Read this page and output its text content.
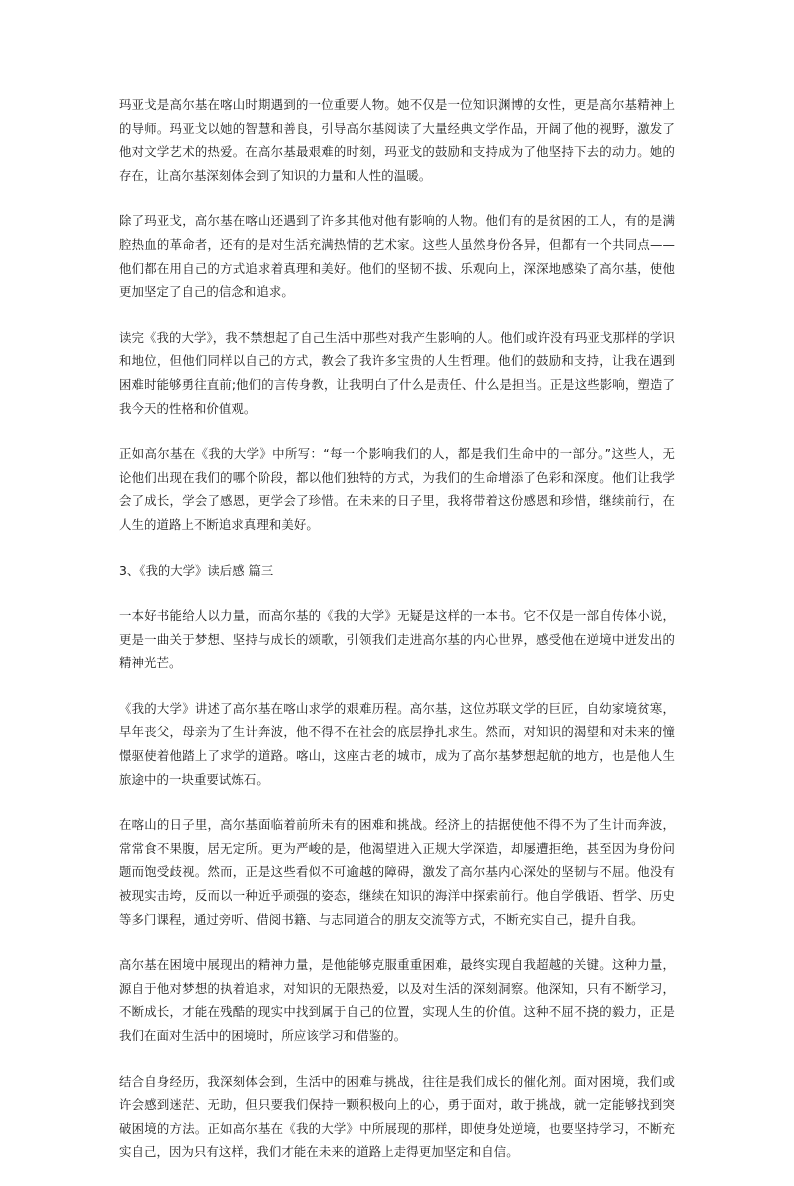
玛亚戈是高尔基在喀山时期遇到的一位重要人物。她不仅是一位知识渊博的女性，更是高尔基精神上的导师。玛亚戈以她的智慧和善良，引导高尔基阅读了大量经典文学作品，开阔了他的视野，激发了他对文学艺术的热爱。在高尔基最艰难的时刻，玛亚戈的鼓励和支持成为了他坚持下去的动力。她的存在，让高尔基深刻体会到了知识的力量和人性的温暖。

除了玛亚戈，高尔基在喀山还遇到了许多其他对他有影响的人物。他们有的是贫困的工人，有的是满腔热血的革命者，还有的是对生活充满热情的艺术家。这些人虽然身份各异，但都有一个共同点——他们都在用自己的方式追求着真理和美好。他们的坚韧不拔、乐观向上，深深地感染了高尔基，使他更加坚定了自己的信念和追求。

读完《我的大学》，我不禁想起了自己生活中那些对我产生影响的人。他们或许没有玛亚戈那样的学识和地位，但他们同样以自己的方式，教会了我许多宝贵的人生哲理。他们的鼓励和支持，让我在遇到困难时能够勇往直前;他们的言传身教，让我明白了什么是责任、什么是担当。正是这些影响，塑造了我今天的性格和价值观。

正如高尔基在《我的大学》中所写：“每一个影响我们的人，都是我们生命中的一部分。”这些人，无论他们出现在我们的哪个阶段，都以他们独特的方式，为我们的生命增添了色彩和深度。他们让我学会了成长，学会了感恩，更学会了珍惜。在未来的日子里，我将带着这份感恩和珍惜，继续前行，在人生的道路上不断追求真理和美好。

3、《我的大学》读后感 篇三

一本好书能给人以力量，而高尔基的《我的大学》无疑是这样的一本书。它不仅是一部自传体小说，更是一曲关于梦想、坚持与成长的颂歌，引领我们走进高尔基的内心世界，感受他在逆境中迸发出的精神光芒。

《我的大学》讲述了高尔基在喀山求学的艰难历程。高尔基，这位苏联文学的巨匠，自幼家境贫寒，早年丧父，母亲为了生计奔波，他不得不在社会的底层挣扎求生。然而，对知识的渴望和对未来的憧憬驱使着他踏上了求学的道路。喀山，这座古老的城市，成为了高尔基梦想起航的地方，也是他人生旅途中的一块重要试炼石。

在喀山的日子里，高尔基面临着前所未有的困难和挑战。经济上的拮据使他不得不为了生计而奔波，常常食不果腹，居无定所。更为严峻的是，他渴望进入正规大学深造，却屡遭拒绝，甚至因为身份问题而饱受歧视。然而，正是这些看似不可逾越的障碍，激发了高尔基内心深处的坚韧与不屈。他没有被现实击垮，反而以一种近乎顽强的姿态，继续在知识的海洋中探索前行。他自学俄语、哲学、历史等多门课程，通过旁听、借阅书籍、与志同道合的朋友交流等方式，不断充实自己，提升自我。

高尔基在困境中展现出的精神力量，是他能够克服重重困难，最终实现自我超越的关键。这种力量，源自于他对梦想的执着追求，对知识的无限热爱，以及对生活的深刻洞察。他深知，只有不断学习，不断成长，才能在残酷的现实中找到属于自己的位置，实现人生的价值。这种不屈不挠的毅力，正是我们在面对生活中的困境时，所应该学习和借鉴的。

结合自身经历，我深刻体会到，生活中的困难与挑战，往往是我们成长的催化剂。面对困境，我们或许会感到迷茫、无助，但只要我们保持一颗积极向上的心，勇于面对，敢于挑战，就一定能够找到突破困境的方法。正如高尔基在《我的大学》中所展现的那样，即使身处逆境，也要坚持学习，不断充实自己，因为只有这样，我们才能在未来的道路上走得更加坚定和自信。
